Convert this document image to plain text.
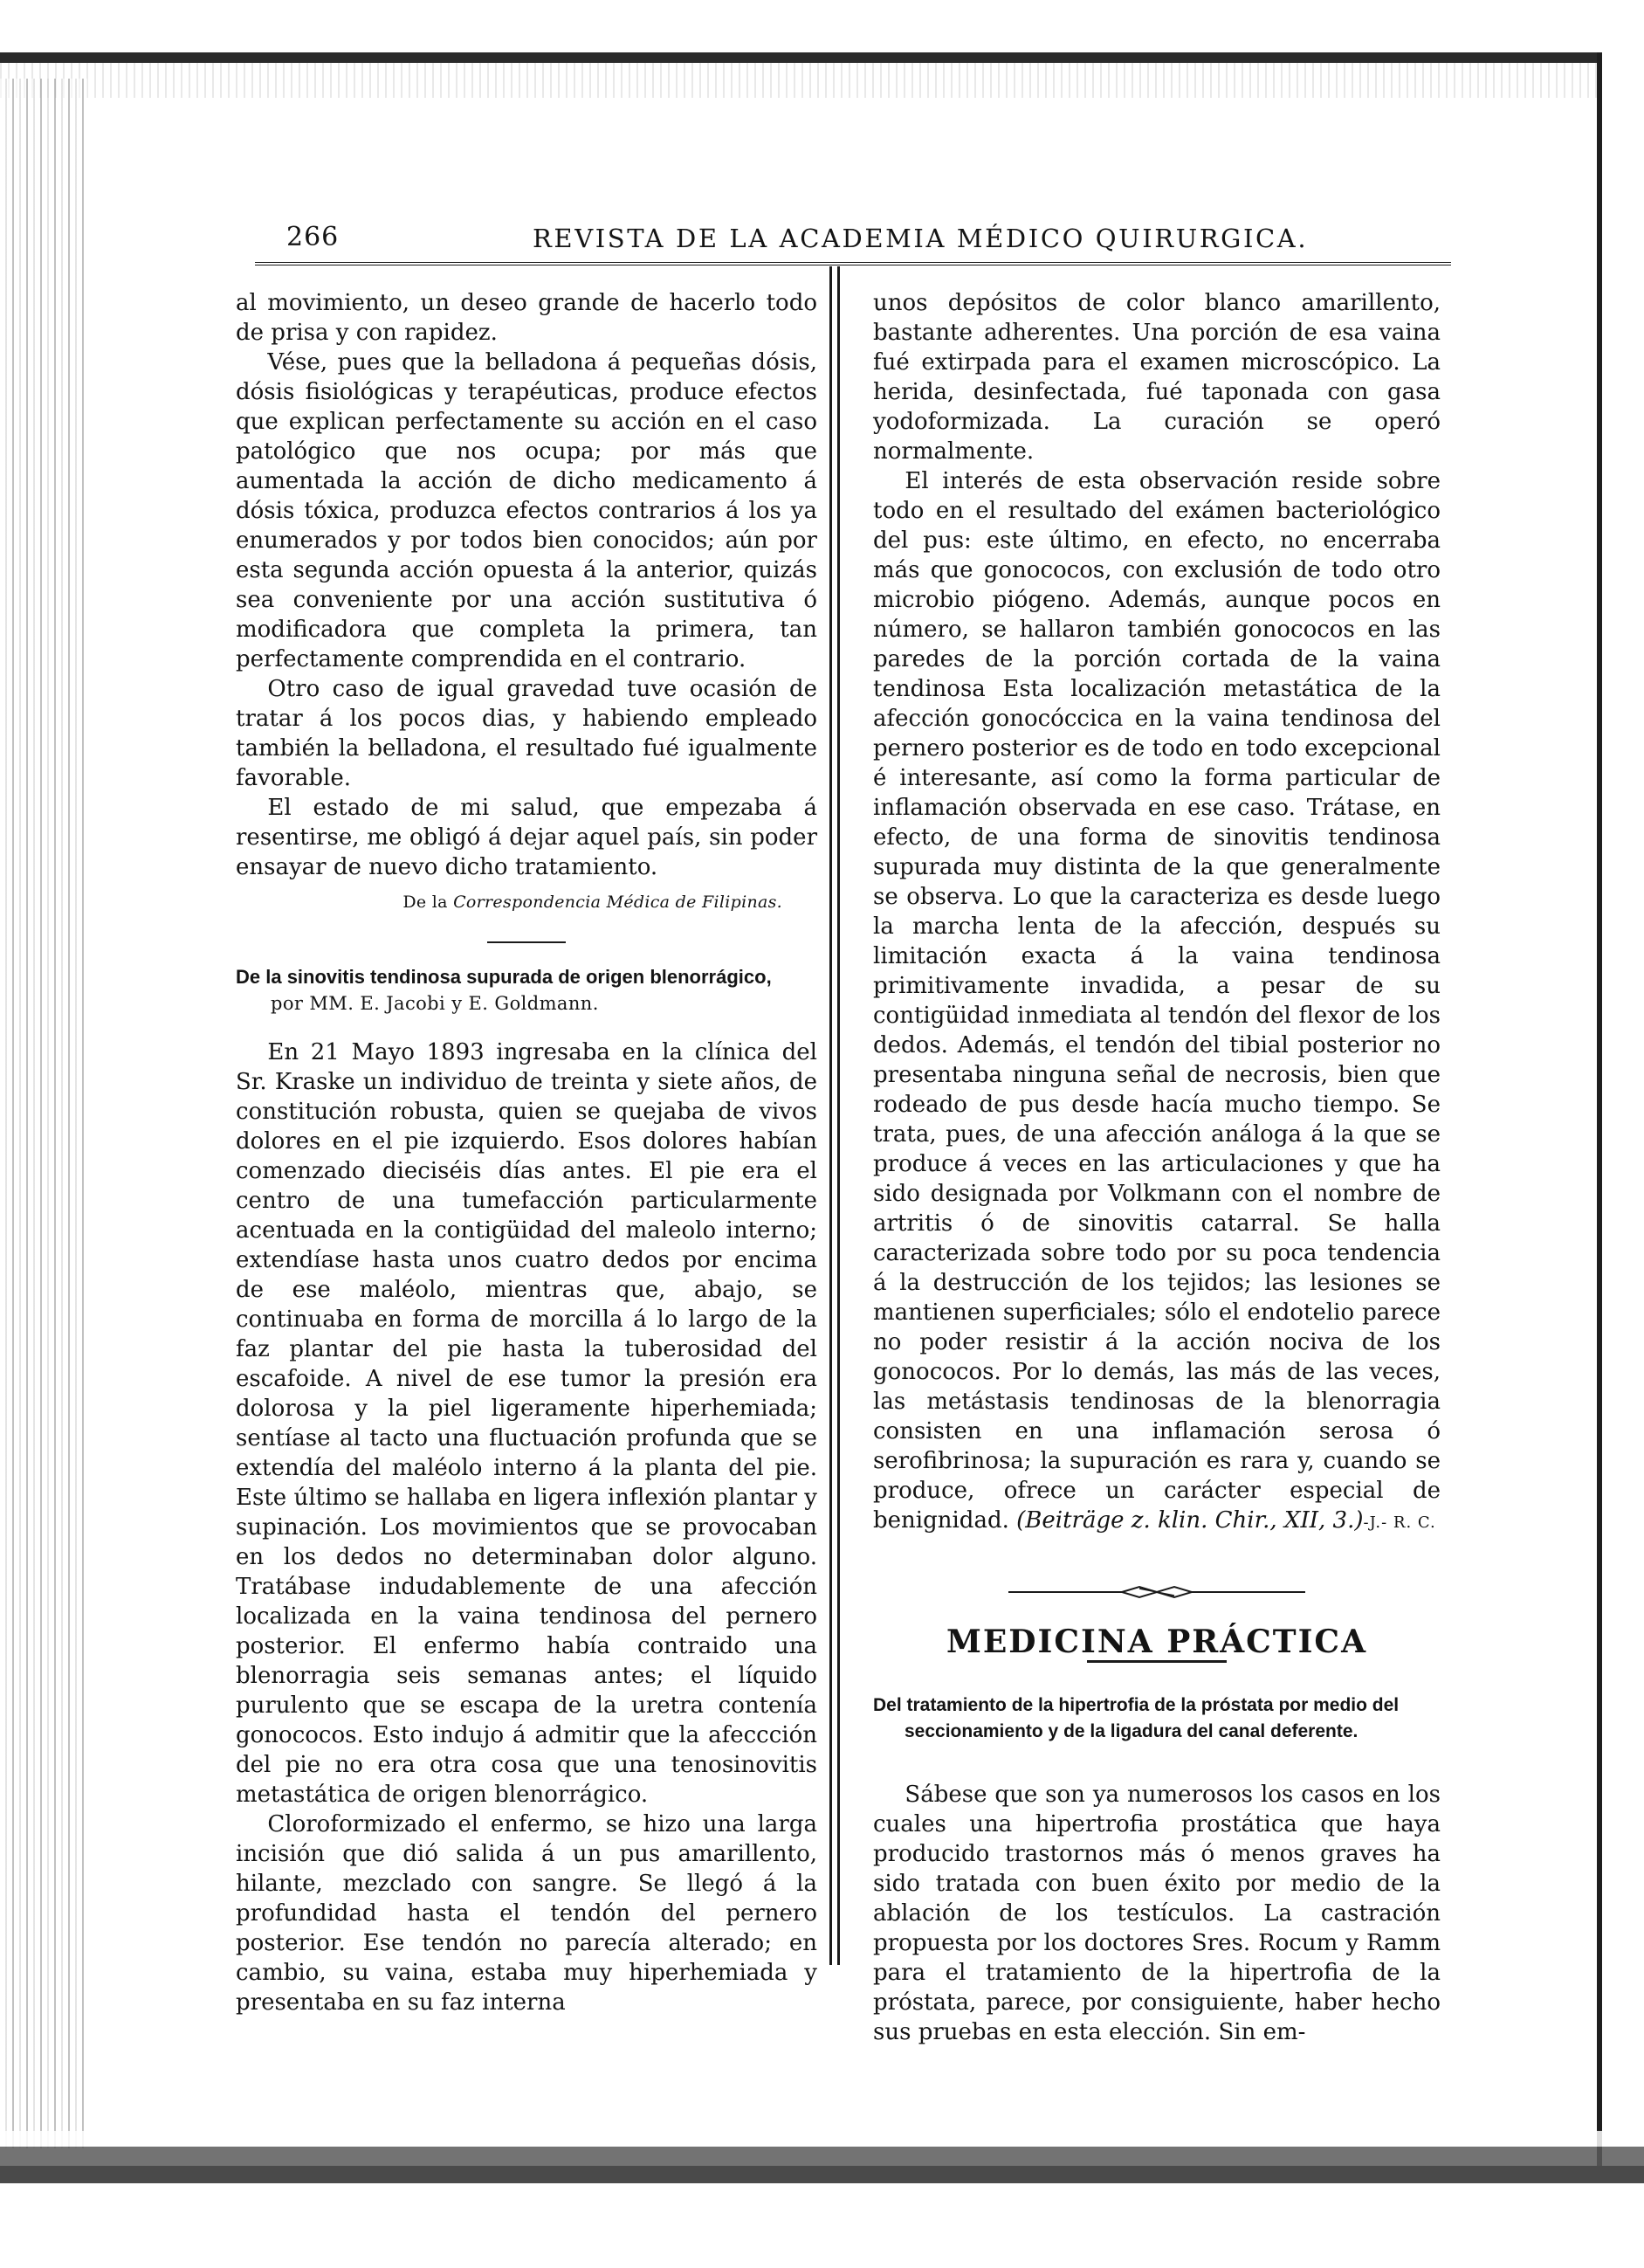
266	REVISTA DE LA ACADEMIA MÉDICO QUIRURGICA.

al movimiento, un deseo grande de hacerlo todo de prisa y con rapidez.

Vése, pues que la belladona á pequeñas dósis, dósis fisiológicas y terapéuticas, produce efectos que explican perfectamente su acción en el caso patológico que nos ocupa; por más que aumentada la acción de dicho medicamento á dósis tóxica, produzca efectos contrarios á los ya enumerados y por todos bien conocidos; aún por esta segunda acción opuesta á la anterior, quizás sea conveniente por una acción sustitutiva ó modificadora que completa la primera, tan perfectamente comprendida en el contrario.

Otro caso de igual gravedad tuve ocasión de tratar á los pocos dias, y habiendo empleado también la belladona, el resultado fué igualmente favorable.

El estado de mi salud, que empezaba á resentirse, me obligó á dejar aquel país, sin poder ensayar de nuevo dicho tratamiento.

De la Correspondencia Médica de Filipinas.

De la sinovitis tendinosa supurada de origen blenorrágico,
por MM. E. Jacobi y E. Goldmann.

En 21 Mayo 1893 ingresaba en la clínica del Sr. Kraske un individuo de treinta y siete años, de constitución robusta, quien se quejaba de vivos dolores en el pie izquierdo. Esos dolores habían comenzado dieciséis días antes. El pie era el centro de una tumefacción particularmente acentuada en la contigüidad del maleolo interno; extendíase hasta unos cuatro dedos por encima de ese maléolo, mientras que, abajo, se continuaba en forma de morcilla á lo largo de la faz plantar del pie hasta la tuberosidad del escafoide. A nivel de ese tumor la presión era dolorosa y la piel ligeramente hiperhemiada; sentíase al tacto una fluctuación profunda que se extendía del maléolo interno á la planta del pie. Este último se hallaba en ligera inflexión plantar y supinación. Los movimientos que se provocaban en los dedos no determinaban dolor alguno. Tratábase indudablemente de una afección localizada en la vaina tendinosa del pernero posterior. El enfermo había contraido una blenorragia seis semanas antes; el líquido purulento que se escapa de la uretra contenía gonococos. Esto indujo á admitir que la afeccción del pie no era otra cosa que una tenosinovitis metastática de origen blenorrágico.

Cloroformizado el enfermo, se hizo una larga incisión que dió salida á un pus amarillento, hilante, mezclado con sangre. Se llegó á la profundidad hasta el tendón del pernero posterior. Ese tendón no parecía alterado; en cambio, su vaina, estaba muy hiperhemiada y presentaba en su faz interna

unos depósitos de color blanco amarillento, bastante adherentes. Una porción de esa vaina fué extirpada para el examen microscópico. La herida, desinfectada, fué taponada con gasa yodoformizada. La curación se operó normalmente.

El interés de esta observación reside sobre todo en el resultado del exámen bacteriológico del pus: este último, en efecto, no encerraba más que gonococos, con exclusión de todo otro microbio piógeno. Además, aunque pocos en número, se hallaron también gonococos en las paredes de la porción cortada de la vaina tendinosa Esta localización metastática de la afección gonocóccica en la vaina tendinosa del pernero posterior es de todo en todo excepcional é interesante, así como la forma particular de inflamación observada en ese caso. Trátase, en efecto, de una forma de sinovitis tendinosa supurada muy distinta de la que generalmente se observa. Lo que la caracteriza es desde luego la marcha lenta de la afección, después su limitación exacta á la vaina tendinosa primitivamente invadida, a pesar de su contigüidad inmediata al tendón del flexor de los dedos. Además, el tendón del tibial posterior no presentaba ninguna señal de necrosis, bien que rodeado de pus desde hacía mucho tiempo. Se trata, pues, de una afección análoga á la que se produce á veces en las articulaciones y que ha sido designada por Volkmann con el nombre de artritis ó de sinovitis catarral. Se halla caracterizada sobre todo por su poca tendencia á la destrucción de los tejidos; las lesiones se mantienen superficiales; sólo el endotelio parece no poder resistir á la acción nociva de los gonococos. Por lo demás, las más de las veces, las metástasis tendinosas de la blenorragia consisten en una inflamación serosa ó serofibrinosa; la supuración es rara y, cuando se produce, ofrece un carácter especial de benignidad. (Beiträge z. klin. Chir., XII, 3.)-J.- R. C.

MEDICINA PRÁCTICA
Del tratamiento de la hipertrofia de la próstata por medio del seccionamiento y de la ligadura del canal deferente.

Sábese que son ya numerosos los casos en los cuales una hipertrofia prostática que haya producido trastornos más ó menos graves ha sido tratada con buen éxito por medio de la ablación de los testículos. La castración propuesta por los doctores Sres. Rocum y Ramm para el tratamiento de la hipertrofia de la próstata, parece, por consiguiente, haber hecho sus pruebas en esta elección. Sin em-
